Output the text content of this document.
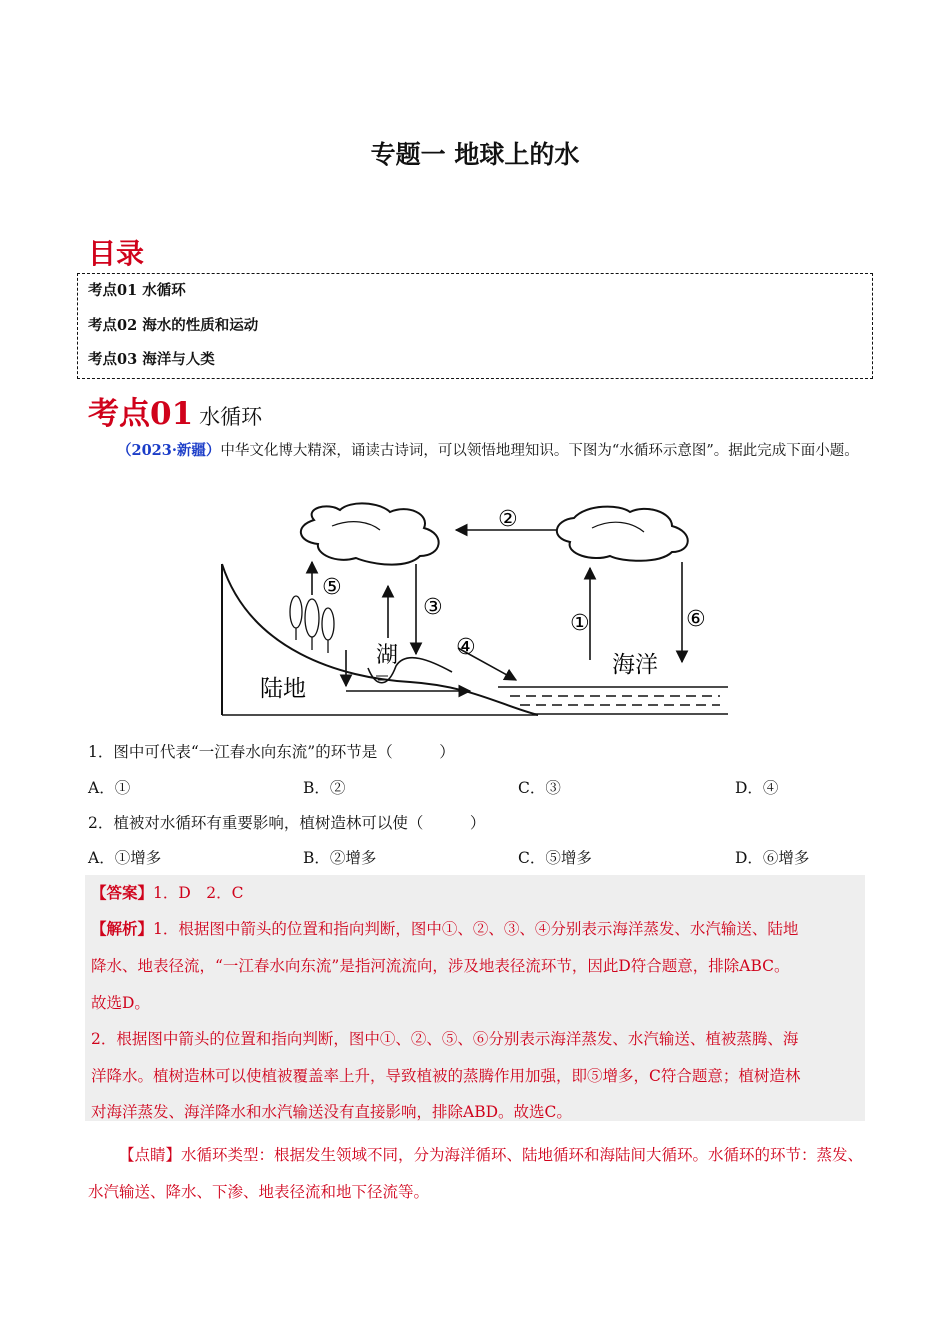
专题一 地球上的水
目录
考点01 水循环
考点02 海水的性质和运动
考点03 海洋与人类
考点01 水循环
（2023·新疆）中华文化博大精深，诵读古诗词，可以领悟地理知识。下图为“水循环示意图”。据此完成下面小题。
①
②
③
④
⑤
⑥
陆地
湖	海洋
1．图中可代表“一江春水向东流”的环节是（　　　）
A．①	B．②	C．③	D．④
2．植被对水循环有重要影响，植树造林可以使（　　　）
A．①增多	B．②增多	C．⑤增多	D．⑥增多
【答案】1．D　2．C
【解析】1．根据图中箭头的位置和指向判断，图中①、②、③、④分别表示海洋蒸发、水汽输送、陆地
降水、地表径流，“一江春水向东流”是指河流流向，涉及地表径流环节，因此D符合题意，排除ABC。
故选D。
2．根据图中箭头的位置和指向判断，图中①、②、⑤、⑥分别表示海洋蒸发、水汽输送、植被蒸腾、海
洋降水。植树造林可以使植被覆盖率上升，导致植被的蒸腾作用加强，即⑤增多，C符合题意；植树造林
对海洋蒸发、海洋降水和水汽输送没有直接影响，排除ABD。故选C。
【点睛】水循环类型：根据发生领域不同，分为海洋循环、陆地循环和海陆间大循环。水循环的环节：蒸发、水汽输送、降水、下渗、地表径流和地下径流等。
